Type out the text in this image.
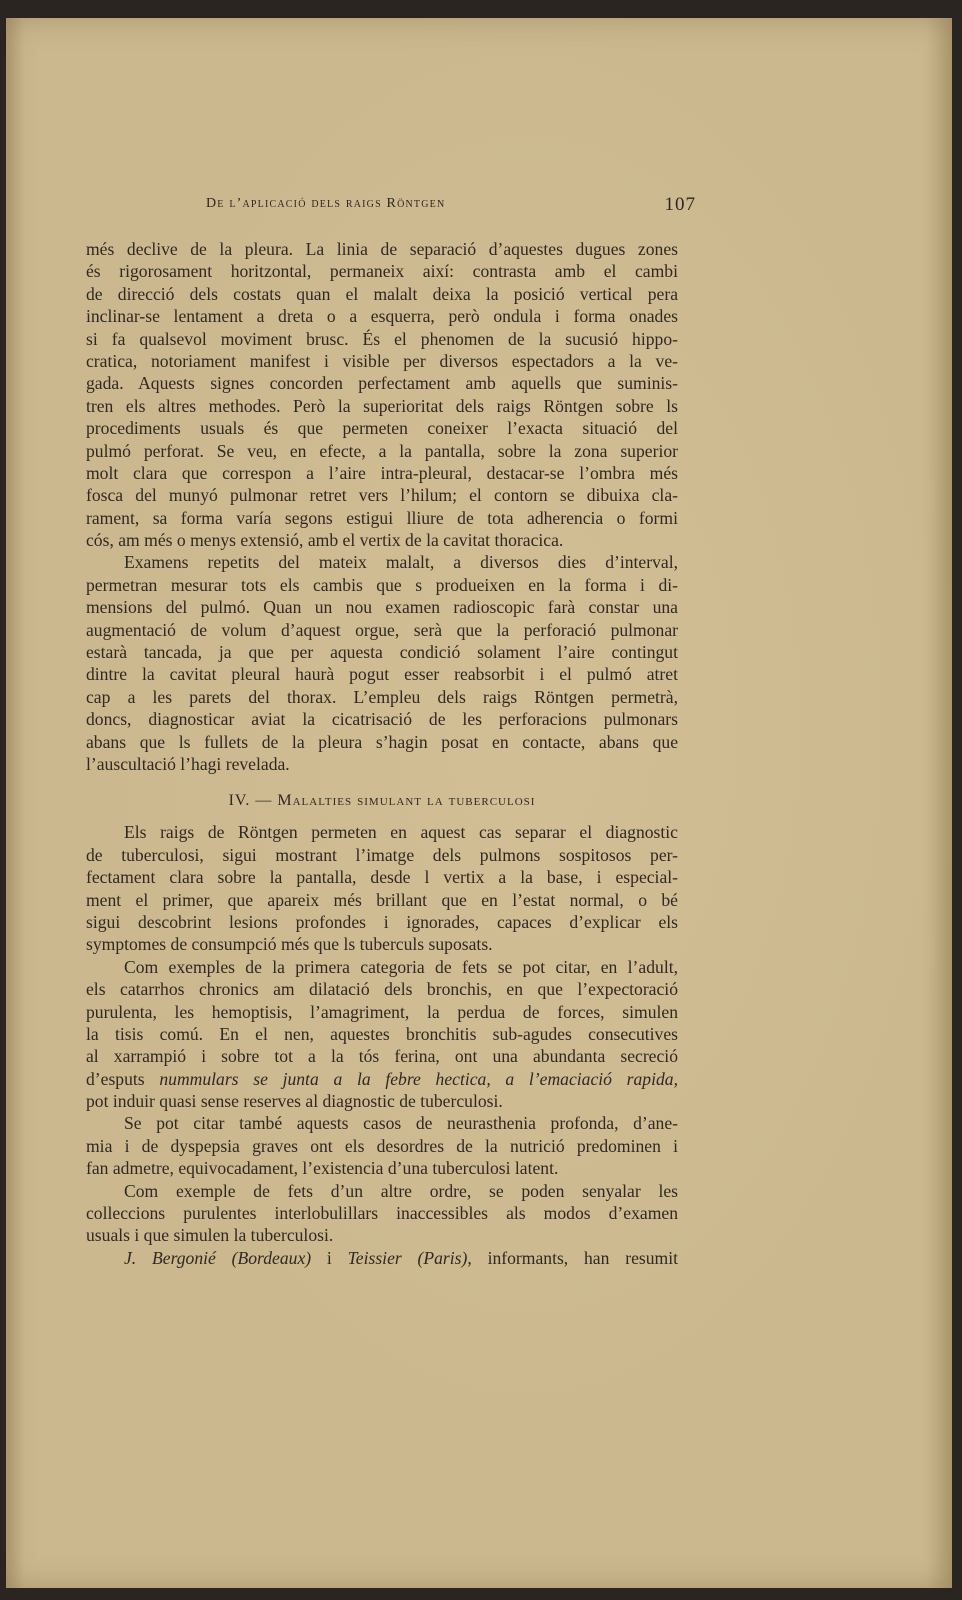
De l’aplicació dels raigs Röntgen	107
més declive de la pleura. La linia de separació d’aquestes dugues zones
és rigorosament horitzontal, permaneix així: contrasta amb el cambi
de direcció dels costats quan el malalt deixa la posició vertical pera
inclinar-se lentament a dreta o a esquerra, però ondula i forma onades
si fa qualsevol moviment brusc. És el phenomen de la sucusió hippo-
cratica, notoriament manifest i visible per diversos espectadors a la ve-
gada. Aquests signes concorden perfectament amb aquells que suminis-
tren els altres methodes. Però la superioritat dels raigs Röntgen sobre ls
procediments usuals és que permeten coneixer l’exacta situació del
pulmó perforat. Se veu, en efecte, a la pantalla, sobre la zona superior
molt clara que correspon a l’aire intra-pleural, destacar-se l’ombra més
fosca del munyó pulmonar retret vers l’hilum; el contorn se dibuixa cla-
rament, sa forma varía segons estigui lliure de tota adherencia o formi
cós, am més o menys extensió, amb el vertix de la cavitat thoracica.
Examens repetits del mateix malalt, a diversos dies d’interval,
permetran mesurar tots els cambis que s produeixen en la forma i di-
mensions del pulmó. Quan un nou examen radioscopic farà constar una
augmentació de volum d’aquest orgue, serà que la perforació pulmonar
estarà tancada, ja que per aquesta condició solament l’aire contingut
dintre la cavitat pleural haurà pogut esser reabsorbit i el pulmó atret
cap a les parets del thorax. L’empleu dels raigs Röntgen permetrà,
doncs, diagnosticar aviat la cicatrisació de les perforacions pulmonars
abans que ls fullets de la pleura s’hagin posat en contacte, abans que
l’auscultació l’hagi revelada.
IV. — Malalties simulant la tuberculosi
Els raigs de Röntgen permeten en aquest cas separar el diagnostic
de tuberculosi, sigui mostrant l’imatge dels pulmons sospitosos per-
fectament clara sobre la pantalla, desde l vertix a la base, i especial-
ment el primer, que apareix més brillant que en l’estat normal, o bé
sigui descobrint lesions profondes i ignorades, capaces d’explicar els
symptomes de consumpció més que ls tuberculs suposats.
Com exemples de la primera categoria de fets se pot citar, en l’adult,
els catarrhos chronics am dilatació dels bronchis, en que l’expectoració
purulenta, les hemoptisis, l’amagriment, la perdua de forces, simulen
la tisis comú. En el nen, aquestes bronchitis sub-agudes consecutives
al xarrampió i sobre tot a la tós ferina, ont una abundanta secreció
d’esputs nummulars se junta a la febre hectica, a l’emaciació rapida,
pot induir quasi sense reserves al diagnostic de tuberculosi.
Se pot citar també aquests casos de neurasthenia profonda, d’ane-
mia i de dyspepsia graves ont els desordres de la nutrició predominen i
fan admetre, equivocadament, l’existencia d’una tuberculosi latent.
Com exemple de fets d’un altre ordre, se poden senyalar les
colleccions purulentes interlobulillars inaccessibles als modos d’examen
usuals i que simulen la tuberculosi.
J. Bergonié (Bordeaux) i Teissier (Paris), informants, han resumit
